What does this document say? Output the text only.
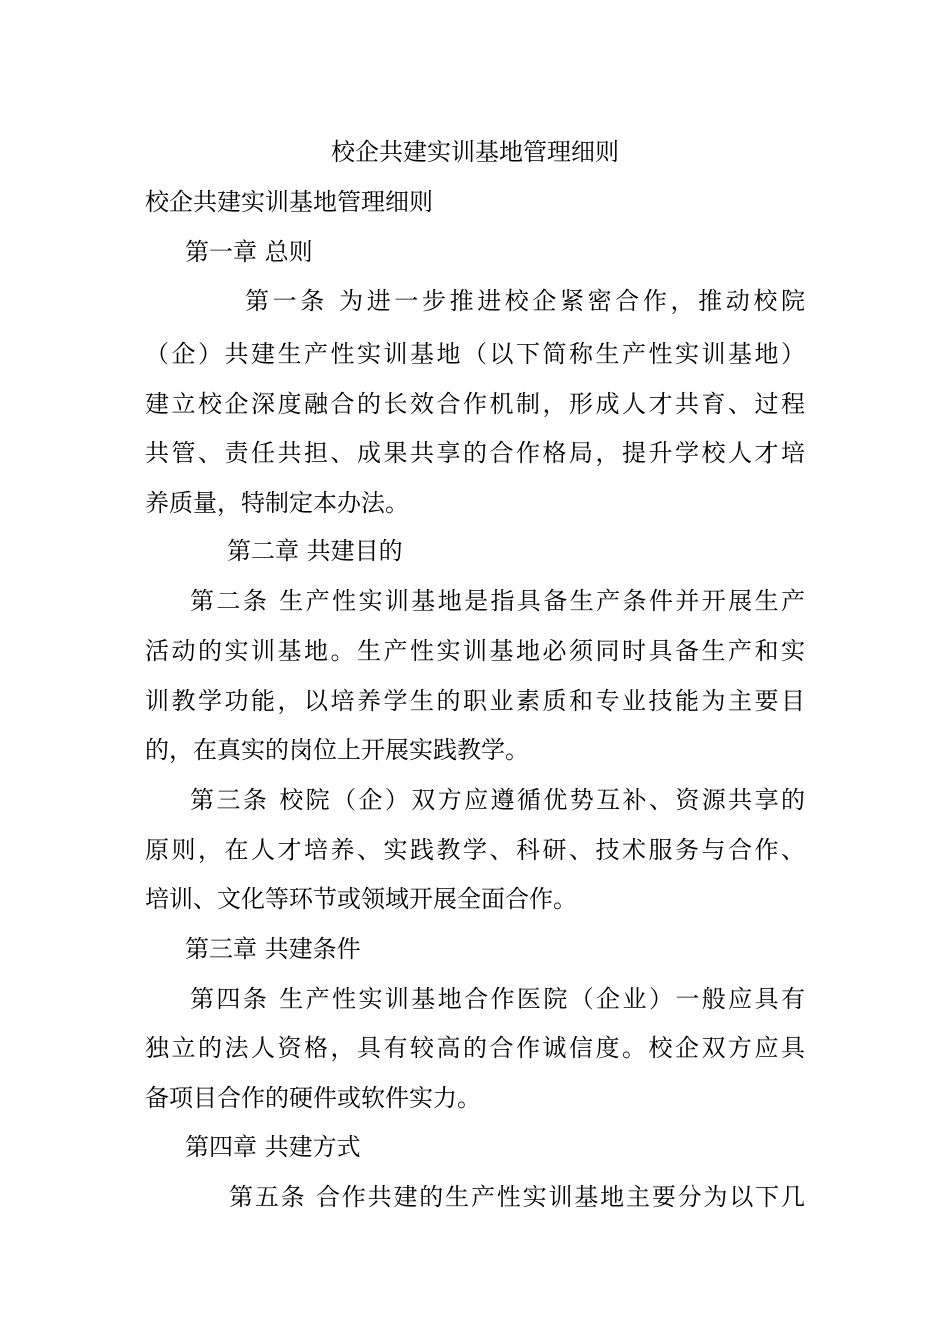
校企共建实训基地管理细则
校企共建实训基地管理细则
第一章 总则
第一条 为进一步推进校企紧密合作，推动校院
（企）共建生产性实训基地（以下简称生产性实训基地）
建立校企深度融合的长效合作机制，形成人才共育、过程
共管、责任共担、成果共享的合作格局，提升学校人才培
养质量，特制定本办法。
第二章 共建目的
第二条 生产性实训基地是指具备生产条件并开展生产
活动的实训基地。生产性实训基地必须同时具备生产和实
训教学功能，以培养学生的职业素质和专业技能为主要目
的，在真实的岗位上开展实践教学。
第三条 校院（企）双方应遵循优势互补、资源共享的
原则，在人才培养、实践教学、科研、技术服务与合作、
培训、文化等环节或领域开展全面合作。
第三章 共建条件
第四条 生产性实训基地合作医院（企业）一般应具有
独立的法人资格，具有较高的合作诚信度。校企双方应具
备项目合作的硬件或软件实力。
第四章 共建方式
第五条 合作共建的生产性实训基地主要分为以下几
